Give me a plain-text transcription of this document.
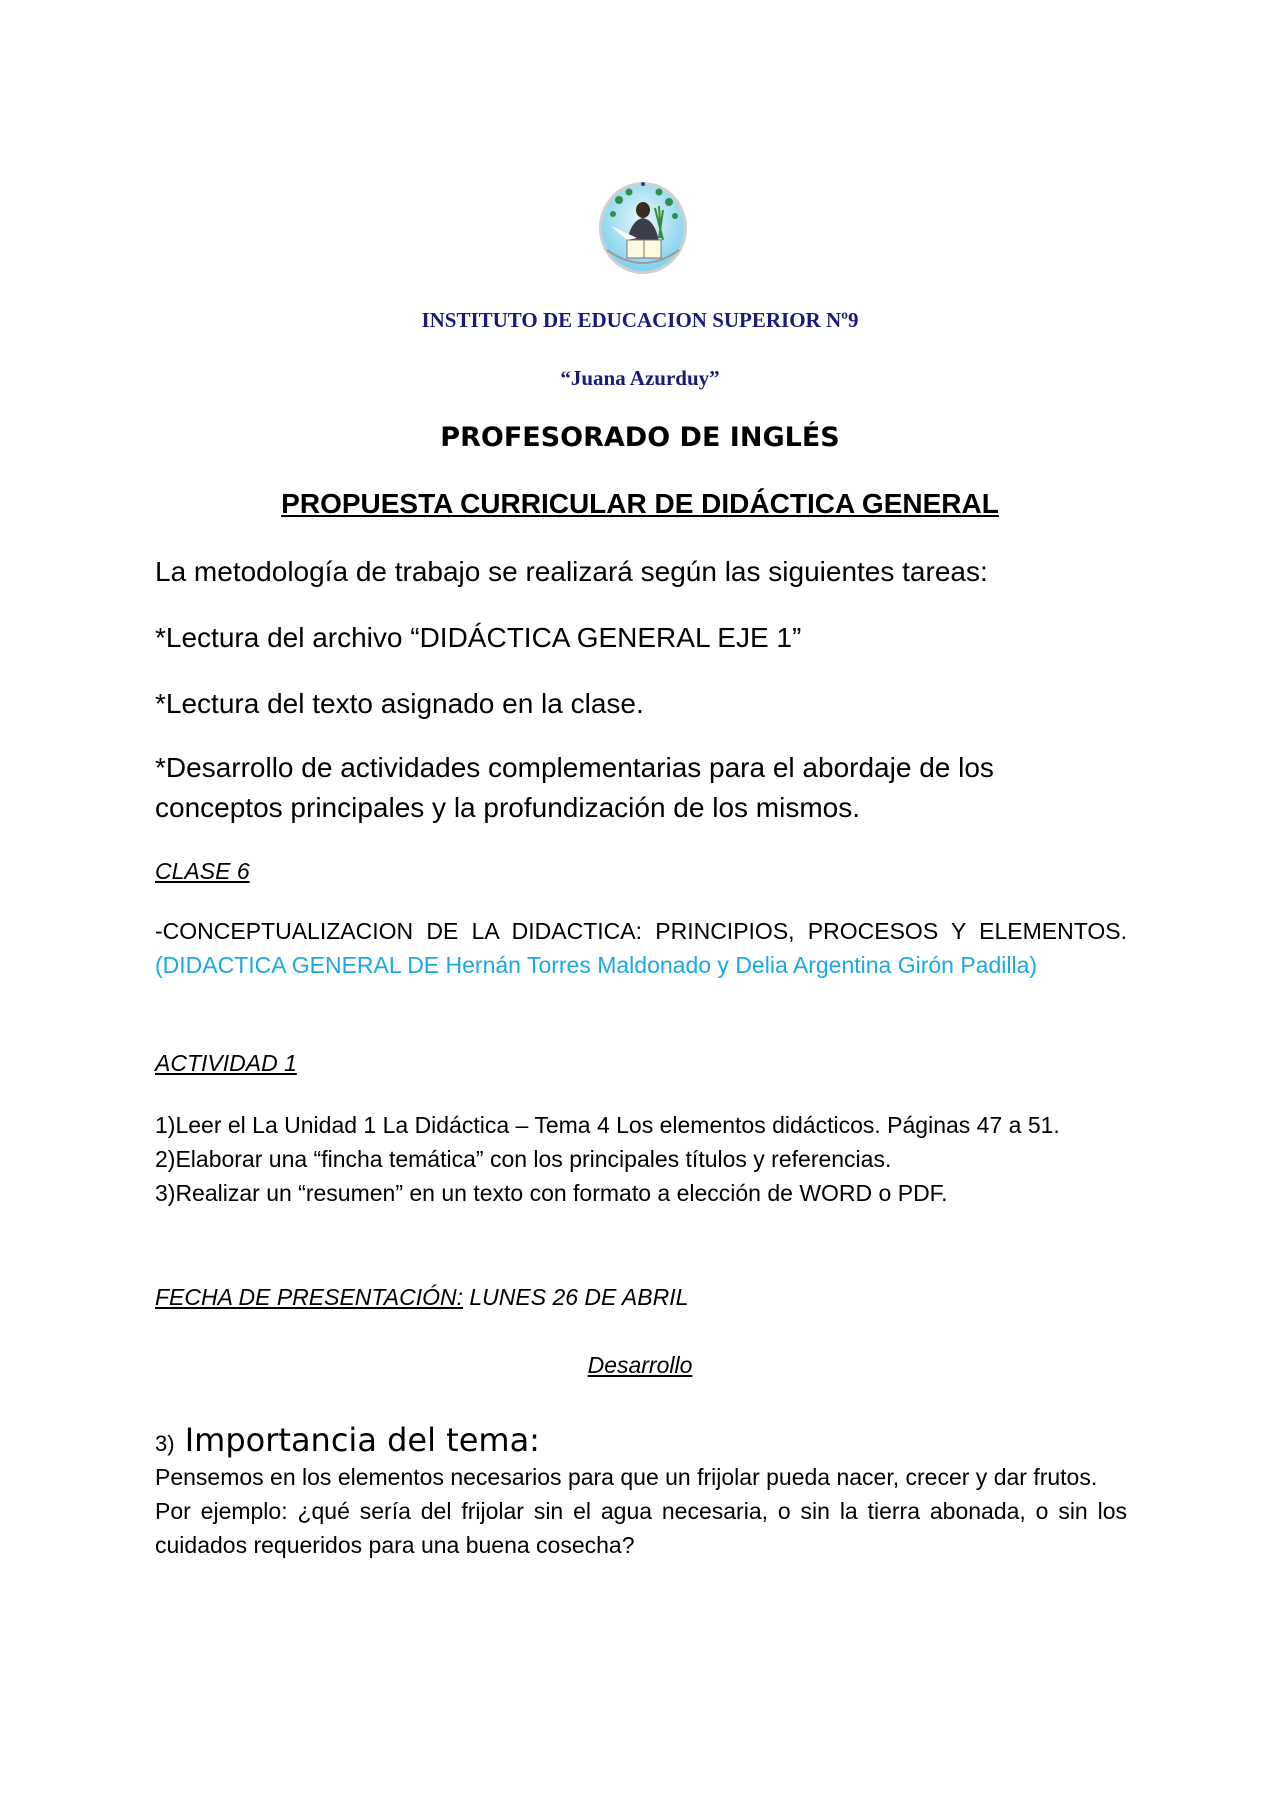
INSTITUTO DE EDUCACION SUPERIOR Nº9
“Juana Azurduy”
PROFESORADO DE INGLÉS
PROPUESTA CURRICULAR DE DIDÁCTICA GENERAL
La metodología de trabajo se realizará según las siguientes tareas:
*Lectura del archivo “DIDÁCTICA GENERAL EJE 1”
*Lectura del texto asignado en la clase.
*Desarrollo de actividades complementarias para el abordaje de los conceptos principales y la profundización de los mismos.
CLASE 6
-CONCEPTUALIZACION DE LA DIDACTICA: PRINCIPIOS, PROCESOS Y ELEMENTOS. (DIDACTICA GENERAL DE Hernán Torres Maldonado y Delia Argentina Girón Padilla)
ACTIVIDAD 1
1)Leer el La Unidad 1 La Didáctica – Tema 4 Los elementos didácticos. Páginas 47 a 51.
2)Elaborar una “fincha temática” con los principales títulos y referencias.
3)Realizar un “resumen” en un texto con formato a elección de WORD o PDF.
FECHA DE PRESENTACIÓN: LUNES 26 DE ABRIL
Desarrollo
3) Importancia del tema:
Pensemos en los elementos necesarios para que un frijolar pueda nacer, crecer y dar frutos.
Por ejemplo: ¿qué sería del frijolar sin el agua necesaria, o sin la tierra abonada, o sin los cuidados requeridos para una buena cosecha?
